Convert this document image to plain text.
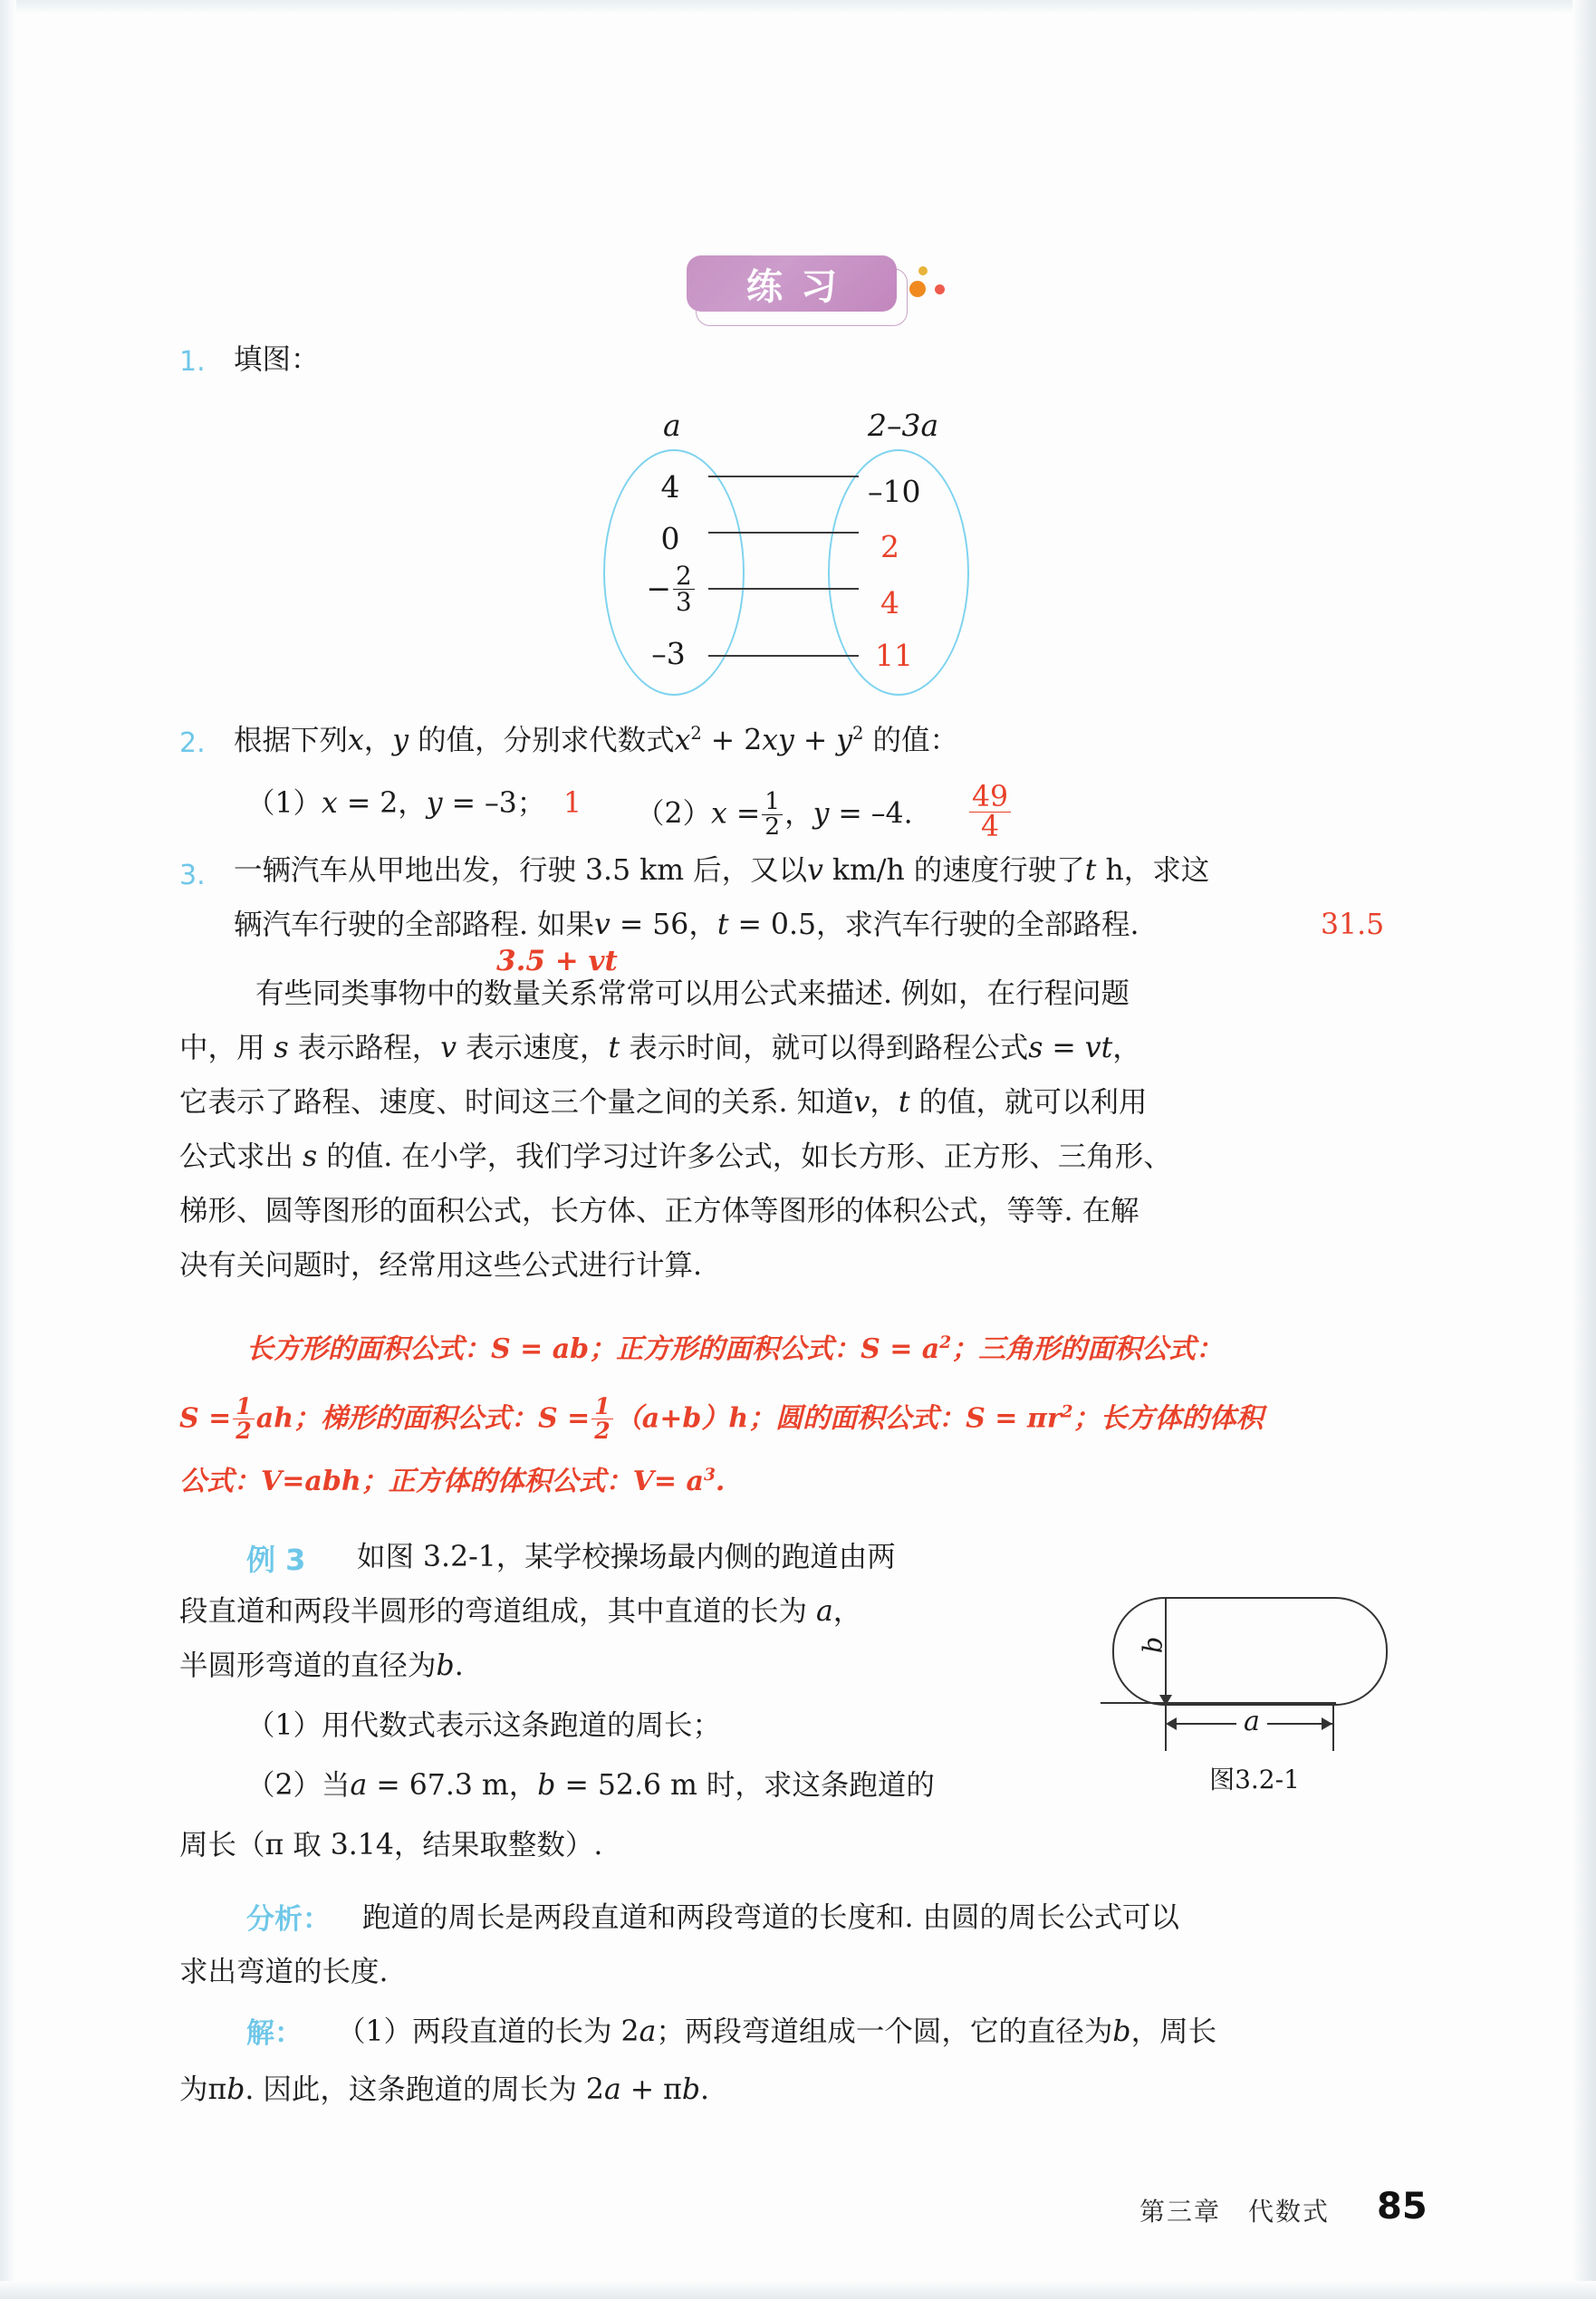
练习
1. 填图：
a	2–3a
4
0
− $\frac{2}{3}$
–3
–10
2
4
11
2. 根据下列x，y 的值，分别求代数式$x^2 + 2xy + y^2$ 的值：
（1）x = 2，y = –3； 1 $(2)x = \frac{1}{2}$ ，y = –4. $\frac{49}{4}$
3. 一辆汽车从甲地出发，行驶 3.5 km 后，又以v km/h 的速度行驶了t h，求这
辆汽车行驶的全部路程. 如果v = 56，t = 0.5，求汽车行驶的全部路程.	31.5
3.5 + vt
有些同类事物中的数量关系常常可以用公式来描述. 例如，在行程问题
中，用 s 表示路程，v 表示速度，t 表示时间，就可以得到路程公式s = vt，
它表示了路程、速度、时间这三个量之间的关系. 知道v，t 的值，就可以利用
公式求出 s 的值. 在小学，我们学习过许多公式，如长方形、正方形、三角形、
梯形、圆等图形的面积公式，长方体、正方体等图形的体积公式，等等. 在解
决有关问题时，经常用这些公式进行计算.
长方形的面积公式：S = ab；正方形的面积公式：$S = a^2$；三角形的面积公式：
$S = \frac{1}{2}$ ah；梯形的面积公式：$S = \frac{1}{2} (a+b)h$；圆的面积公式：$S = \pi r^2$；长方体的体积
公式：V=abh；正方体的体积公式：$V= a^3$.
例 3 如图 3.2-1，某学校操场最内侧的跑道由两
段直道和两段半圆形的弯道组成，其中直道的长为 a，
半圆形弯道的直径为b.
（1）用代数式表示这条跑道的周长；
（2）当a = 67.3 m，b = 52.6 m 时，求这条跑道的
周长（π 取 3.14，结果取整数）.
分析： 跑道的周长是两段直道和两段弯道的长度和. 由圆的周长公式可以
求出弯道的长度.
解： （1）两段直道的长为 2a；两段弯道组成一个圆，它的直径为b，周长
为πb. 因此，这条跑道的周长为 2a + πb.
b
a
图3.2-1
第三章　代数式 85
